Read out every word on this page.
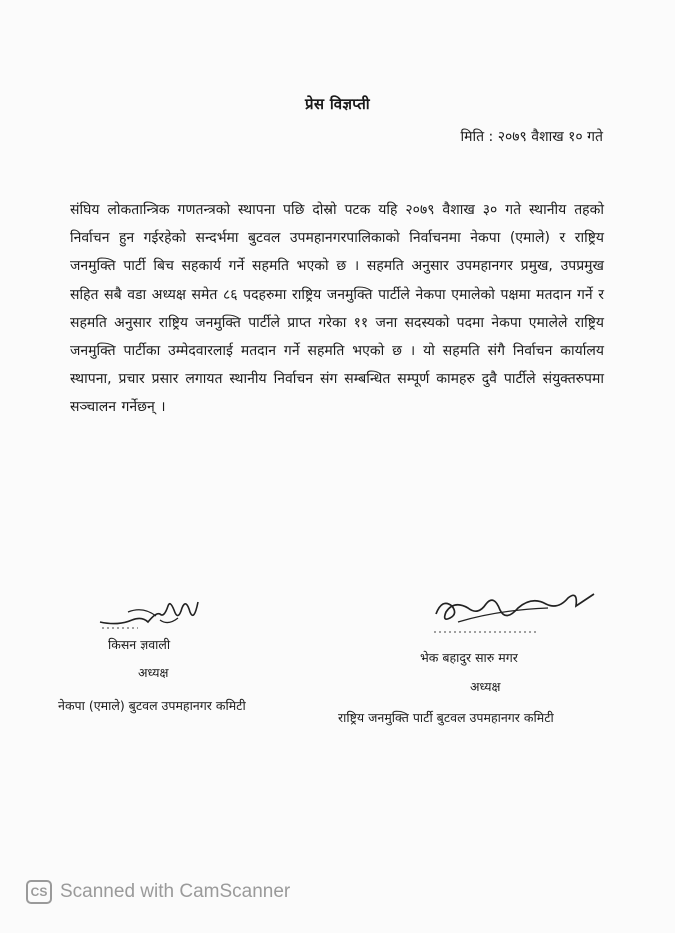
प्रेस विज्ञप्ती
मिति : २०७९ वैशाख १० गते
संघिय लोकतान्त्रिक गणतन्त्रको स्थापना पछि दोस्रो पटक यहि २०७९ वैशाख ३० गते स्थानीय तहको निर्वाचन हुन गईरहेको सन्दर्भमा बुटवल उपमहानगरपालिकाको निर्वाचनमा नेकपा (एमाले) र राष्ट्रिय जनमुक्ति पार्टी बिच सहकार्य गर्ने सहमति भएको छ । सहमति अनुसार उपमहानगर प्रमुख, उपप्रमुख सहित सबै वडा अध्यक्ष समेत ८६ पदहरुमा राष्ट्रिय जनमुक्ति पार्टीले नेकपा एमालेको पक्षमा मतदान गर्ने र सहमति अनुसार राष्ट्रिय जनमुक्ति पार्टीले प्राप्त गरेका ११ जना सदस्यको पदमा नेकपा एमालेले राष्ट्रिय जनमुक्ति पार्टीका उम्मेदवारलाई मतदान गर्ने सहमति भएको छ । यो सहमति संगै निर्वाचन कार्यालय स्थापना, प्रचार प्रसार लगायत स्थानीय निर्वाचन संग सम्बन्धित सम्पूर्ण कामहरु दुवै पार्टीले संयुक्तरुपमा सञ्चालन गर्नेछन् ।
किसन ज्ञवाली
अध्यक्ष
नेकपा (एमाले) बुटवल उपमहानगर कमिटी
भेक बहादुर सारु मगर
अध्यक्ष
राष्ट्रिय जनमुक्ति पार्टी बुटवल उपमहानगर कमिटी
CS Scanned with CamScanner
